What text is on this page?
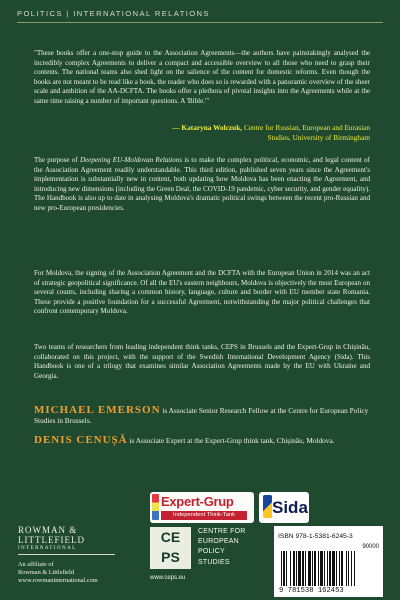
POLITICS | INTERNATIONAL RELATIONS
"These books offer a one-stop guide to the Association Agreements—the authors have painstakingly analysed the incredibly complex Agreements to deliver a compact and accessible overview to all those who need to grasp their contents. The national teams also shed light on the salience of the content for domestic reforms. Even though the books are not meant to be read like a book, the reader who does so is rewarded with a panoramic overview of the sheer scale and ambition of the AA-DCFTA. The books offer a plethora of pivotal insights into the Agreements while at the same time raising a number of important questions. A 'Bible.'"
— Kataryna Wolczuk, Centre for Russian, European and Eurasian Studies, University of Birmingham
The purpose of Deepening EU-Moldovan Relations is to make the complex political, economic, and legal content of the Association Agreement readily understandable. This third edition, published seven years since the Agreement's implementation is substantially new in content, both updating how Moldova has been enacting the Agreement, and introducing new dimensions (including the Green Deal, the COVID-19 pandemic, cyber security, and gender equality). The Handbook is also up to date in analysing Moldova's dramatic political swings between the recent pro-Russian and new pro-European presidencies.
For Moldova, the signing of the Association Agreement and the DCFTA with the European Union in 2014 was an act of strategic geopolitical significance. Of all the EU's eastern neighbours, Moldova is objectively the most European on several counts, including sharing a common history, language, culture and border with EU member state Romania. These provide a positive foundation for a successful Agreement, notwithstanding the major political challenges that confront contemporary Moldova.
Two teams of researchers from leading independent think tanks, CEPS in Brussels and the Expert-Grup in Chișinău, collaborated on this project, with the support of the Swedish International Development Agency (Sida). This Handbook is one of a trilogy that examines similar Association Agreements made by the EU with Ukraine and Georgia.
MICHAEL EMERSON is Associate Senior Research Fellow at the Centre for European Policy Studies in Brussels.
DENIS CENUȘĂ is Associate Expert at the Expert-Grup think tank, Chișinău, Moldova.
ROWMAN &
LITTLEFIELD
INTERNATIONAL
An affiliate of
Rowman & Littlefield
www.rowmaninternational.com
Expert-Grup
Independent Think-Tank	Sida
CE PS
CENTRE FOR
EUROPEAN
POLICY
STUDIES
www.ceps.eu
ISBN 978-1-5381-6245-3
90000
9 781538 162453
